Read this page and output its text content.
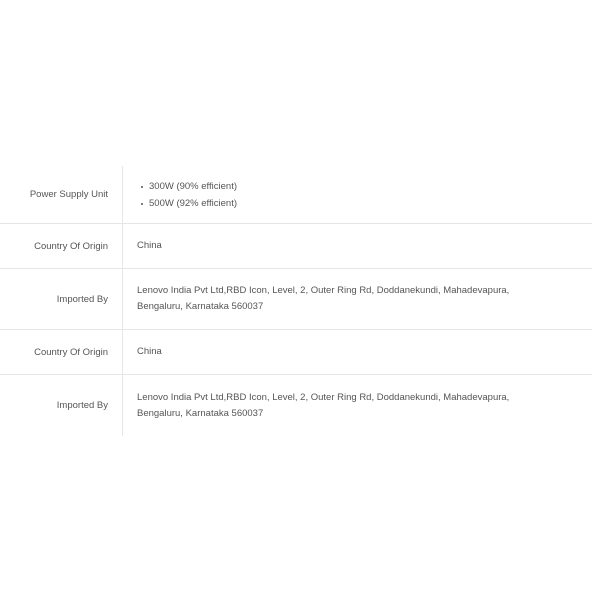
Power Supply Unit
300W (90% efficient)
500W (92% efficient)
Country Of Origin	China
Imported By
Lenovo India Pvt Ltd,RBD Icon, Level, 2, Outer Ring Rd, Doddanekundi, Mahadevapura, Bengaluru, Karnataka 560037
Country Of Origin	China
Imported By
Lenovo India Pvt Ltd,RBD Icon, Level, 2, Outer Ring Rd, Doddanekundi, Mahadevapura, Bengaluru, Karnataka 560037
